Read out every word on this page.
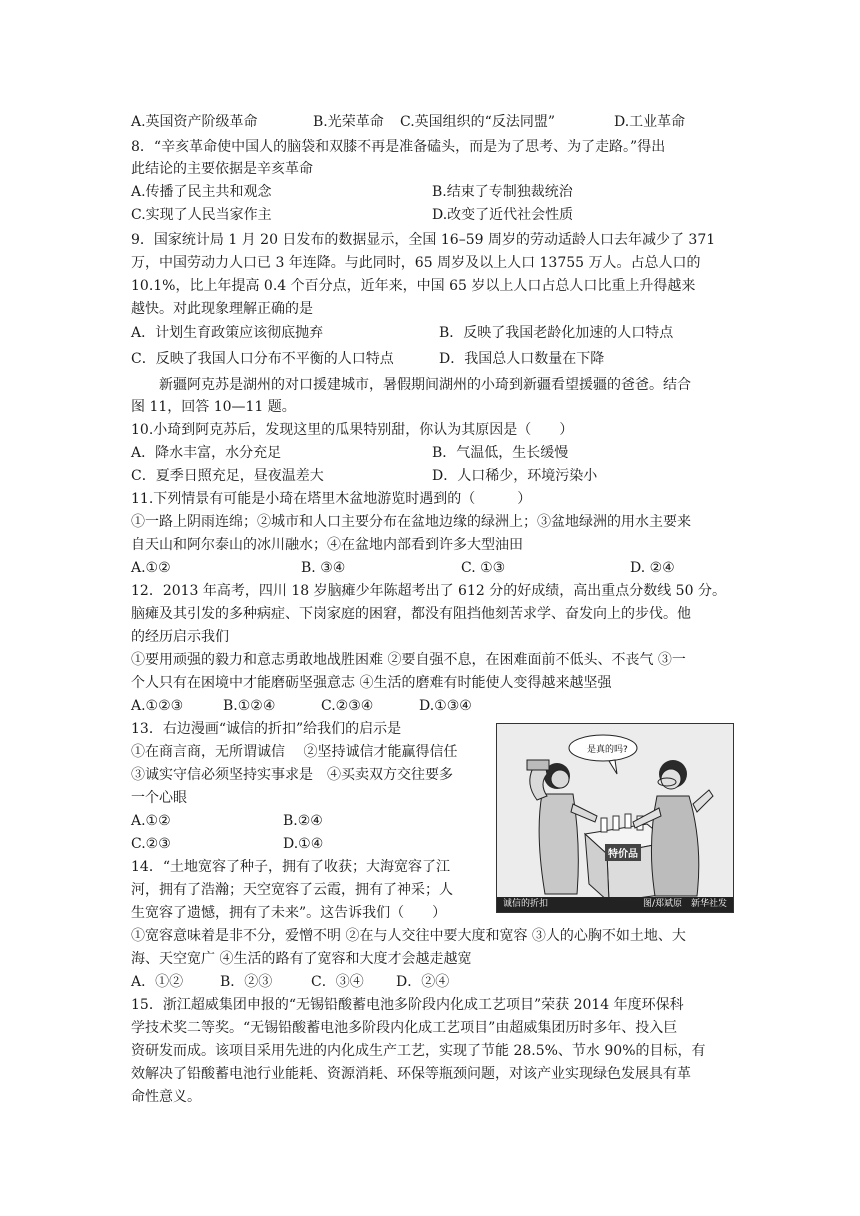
A.英国资产阶级革命	B.光荣革命 C.英国组织的“反法同盟”	D.工业革命
8．“辛亥革命使中国人的脑袋和双膝不再是准备磕头，而是为了思考、为了走路。”得出
此结论的主要依据是辛亥革命
A.传播了民主共和观念	B.结束了专制独裁统治
C.实现了人民当家作主	D.改变了近代社会性质
9．国家统计局 1 月 20 日发布的数据显示，全国 16–59 周岁的劳动适龄人口去年减少了 371
万，中国劳动力人口已 3 年连降。与此同时，65 周岁及以上人口 13755 万人。占总人口的
10.1%，比上年提高 0.4 个百分点，近年来，中国 65 岁以上人口占总人口比重上升得越来
越快。对此现象理解正确的是
A．计划生育政策应该彻底抛弃	B．反映了我国老龄化加速的人口特点
C．反映了我国人口分布不平衡的人口特点	D．我国总人口数量在下降
新疆阿克苏是湖州的对口援建城市，暑假期间湖州的小琦到新疆看望援疆的爸爸。结合
图 11，回答 10—11 题。
10.小琦到阿克苏后，发现这里的瓜果特别甜，你认为其原因是（　　）
A．降水丰富，水分充足	B．气温低，生长缓慢
C．夏季日照充足，昼夜温差大	D．人口稀少，环境污染小
11.下列情景有可能是小琦在塔里木盆地游览时遇到的（　　　）
①一路上阴雨连绵；②城市和人口主要分布在盆地边缘的绿洲上；③盆地绿洲的用水主要来
自天山和阿尔泰山的冰川融水；④在盆地内部看到许多大型油田
A.①②	B. ③④	C. ①③	D. ②④
12．2013 年高考，四川 18 岁脑瘫少年陈超考出了 612 分的好成绩，高出重点分数线 50 分。
脑瘫及其引发的多种病症、下岗家庭的困窘，都没有阻挡他刻苦求学、奋发向上的步伐。他
的经历启示我们
①要用顽强的毅力和意志勇敢地战胜困难 ②要自强不息，在困难面前不低头、不丧气 ③一
个人只有在困境中才能磨砺坚强意志 ④生活的磨难有时能使人变得越来越坚强
A.①②③	B.①②④	C.②③④	D.①③④
13．右边漫画“诚信的折扣”给我们的启示是
①在商言商，无所谓诚信　 ②坚持诚信才能赢得信任
③诚实守信必须坚持实事求是　④买卖双方交往要多
一个心眼
A.①②	B.②④
C.②③	D.①④
是真的吗?
特价品
诚信的折扣	图/郑斌原　新华社发
14．“土地宽容了种子，拥有了收获；大海宽容了江
河，拥有了浩瀚；天空宽容了云霞，拥有了神采；人
生宽容了遗憾，拥有了未来”。这告诉我们（　　）
①宽容意味着是非不分，爱憎不明 ②在与人交往中要大度和宽容 ③人的心胸不如土地、大
海、天空宽广 ④生活的路有了宽容和大度才会越走越宽
A．①②	B．②③	C．③④ D．②④
15．浙江超威集团申报的“无锡铅酸蓄电池多阶段内化成工艺项目”荣获 2014 年度环保科
学技术奖二等奖。“无锡铅酸蓄电池多阶段内化成工艺项目”由超威集团历时多年、投入巨
资研发而成。该项目采用先进的内化成生产工艺，实现了节能 28.5%、节水 90%的目标，有
效解决了铅酸蓄电池行业能耗、资源消耗、环保等瓶颈问题，对该产业实现绿色发展具有革
命性意义。
